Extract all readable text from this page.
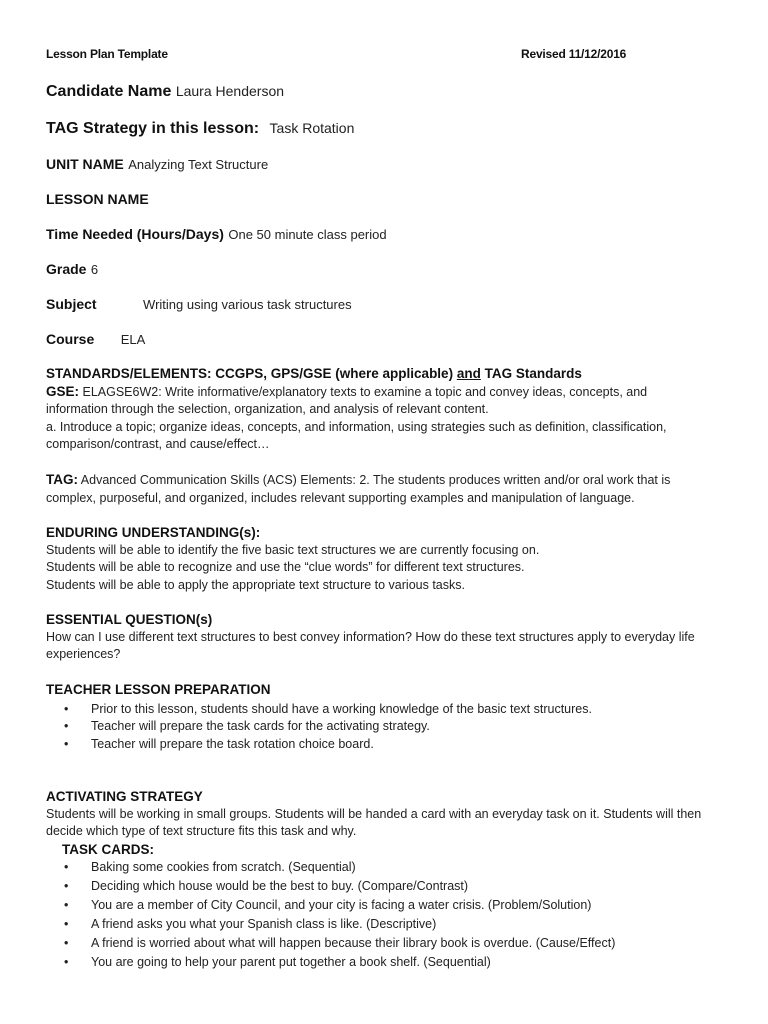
Lesson Plan Template	Revised 11/12/2016
Candidate Name Laura Henderson
TAG Strategy in this lesson: Task Rotation
UNIT NAME Analyzing Text Structure
LESSON NAME
Time Needed (Hours/Days) One 50 minute class period
Grade 6
Subject	Writing using various task structures
Course ELA
STANDARDS/ELEMENTS: CCGPS, GPS/GSE (where applicable) and TAG Standards
GSE: ELAGSE6W2: Write informative/explanatory texts to examine a topic and convey ideas, concepts, and
information through the selection, organization, and analysis of relevant content.
a. Introduce a topic; organize ideas, concepts, and information, using strategies such as definition, classification,
comparison/contrast, and cause/effect…
TAG: Advanced Communication Skills (ACS) Elements: 2. The students produces written and/or oral work that is
complex, purposeful, and organized, includes relevant supporting examples and manipulation of language.
ENDURING UNDERSTANDING(s):
Students will be able to identify the five basic text structures we are currently focusing on.
Students will be able to recognize and use the “clue words” for different text structures.
Students will be able to apply the appropriate text structure to various tasks.
ESSENTIAL QUESTION(s)
How can I use different text structures to best convey information? How do these text structures apply to everyday life
experiences?
TEACHER LESSON PREPARATION
• Prior to this lesson, students should have a working knowledge of the basic text structures.
• Teacher will prepare the task cards for the activating strategy.
• Teacher will prepare the task rotation choice board.
ACTIVATING STRATEGY
Students will be working in small groups. Students will be handed a card with an everyday task on it. Students will then
decide which type of text structure fits this task and why.
TASK CARDS:
• Baking some cookies from scratch. (Sequential)
• Deciding which house would be the best to buy. (Compare/Contrast)
• You are a member of City Council, and your city is facing a water crisis. (Problem/Solution)
• A friend asks you what your Spanish class is like. (Descriptive)
• A friend is worried about what will happen because their library book is overdue. (Cause/Effect)
• You are going to help your parent put together a book shelf. (Sequential)
